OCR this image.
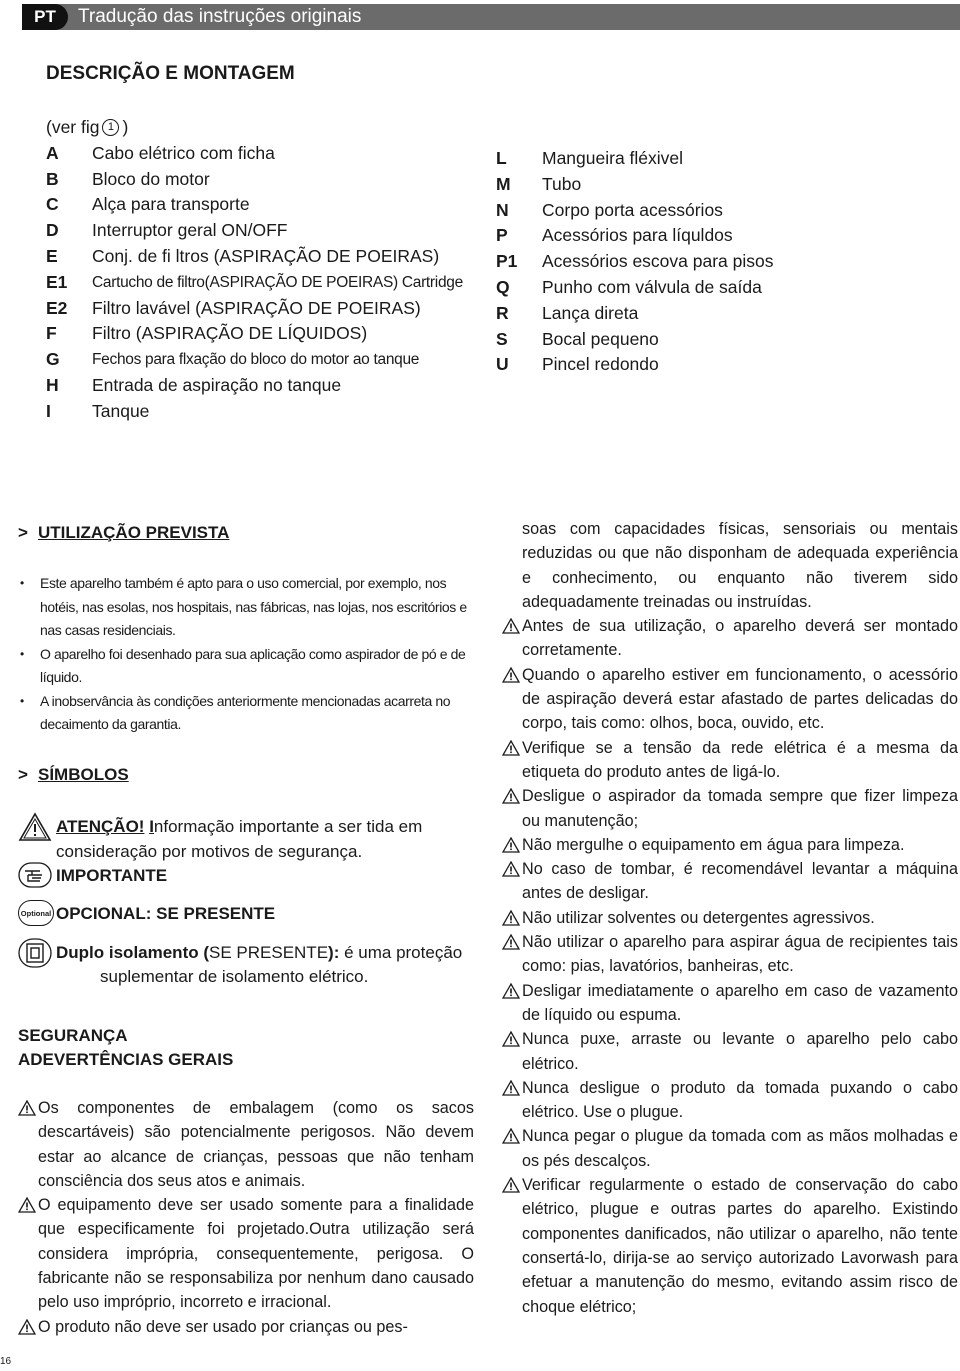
PT	Tradução das instruções originais
DESCRIÇÃO E MONTAGEM
(ver fig 1 )
A	Cabo elétrico com ficha
B	Bloco do motor
C	Alça para transporte
D	Interruptor geral ON/OFF
E	Conj. de fi ltros (ASPIRAÇÃO DE POEIRAS)
E1	Cartucho de filtro(ASPIRAÇÃO DE POEIRAS) Cartridge
E2	Filtro lavável (ASPIRAÇÃO DE POEIRAS)
F	Filtro (ASPIRAÇÃO DE LÍQUIDOS)
G	Fechos para flxação do bloco do motor ao tanque
H	Entrada de aspiração no tanque
I	Tanque
L	Mangueira fléxivel
M	Tubo
N	Corpo porta acessórios
P	Acessórios para líquldos
P1	Acessórios escova para pisos
Q	Punho com válvula de saída
R	Lança direta
S	Bocal pequeno
U	Pincel redondo
> UTILIZAÇÃO PREVISTA
• Este aparelho também é apto para o uso comercial, por exemplo, nos hotéis, nas esolas, nos hospitais, nas fábricas, nas lojas, nos escritórios e nas casas residenciais.
• O aparelho foi desenhado para sua aplicação como aspirador de pó e de líquido.
• A inobservância às condições anteriormente mencionadas acarreta no decaimento da garantia.
> SÍMBOLOS
ATENÇÃO! Informação importante a ser tida em
consideração por motivos de segurança.
IMPORTANTE
Optional OPCIONAL: SE PRESENTE
Duplo isolamento (SE PRESENTE): é uma proteção
suplementar de isolamento elétrico.
SEGURANÇA
ADEVERTÊNCIAS GERAIS

Os componentes de embalagem (como os sacos descartáveis) são potencialmente perigosos. Não devem estar ao alcance de crianças, pessoas que não tenham consciência dos seus atos e animais.

O equipamento deve ser usado somente para a finalidade que especificamente foi projetado.Outra utilização será considera imprópria, consequentemente, perigosa. O fabricante não se responsabiliza por nenhum dano causado pelo uso impróprio, incorreto e irracional.

O produto não deve ser usado por crianças ou pes-

soas com capacidades físicas, sensoriais ou mentais reduzidas ou que não disponham de adequada experiência e conhecimento, ou enquanto não tiverem sido adequadamente treinadas ou instruídas.

Antes de sua utilização, o aparelho deverá ser montado corretamente.

Quando o aparelho estiver em funcionamento, o acessório de aspiração deverá estar afastado de partes delicadas do corpo, tais como: olhos, boca, ouvido, etc.

Verifique se a tensão da rede elétrica é a mesma da etiqueta do produto antes de ligá-lo.

Desligue o aspirador da tomada sempre que fizer limpeza ou manutenção;

Não mergulhe o equipamento em água para limpeza.

No caso de tombar, é recomendável levantar a máquina antes de desligar.

Não utilizar solventes ou detergentes agressivos.

Não utilizar o aparelho para aspirar água de recipientes tais como: pias, lavatórios, banheiras, etc.

Desligar imediatamente o aparelho em caso de vazamento de líquido ou espuma.

Nunca puxe, arraste ou levante o aparelho pelo cabo elétrico.

Nunca desligue o produto da tomada puxando o cabo elétrico. Use o plugue.

Nunca pegar o plugue da tomada com as mãos molhadas e os pés descalços.

Verificar regularmente o estado de conservação do cabo elétrico, plugue e outras partes do aparelho. Existindo componentes danificados, não utilizar o aparelho, não tente consertá-lo, dirija-se ao serviço autorizado Lavorwash para efetuar a manutenção do mesmo, evitando assim risco de choque elétrico;

16
